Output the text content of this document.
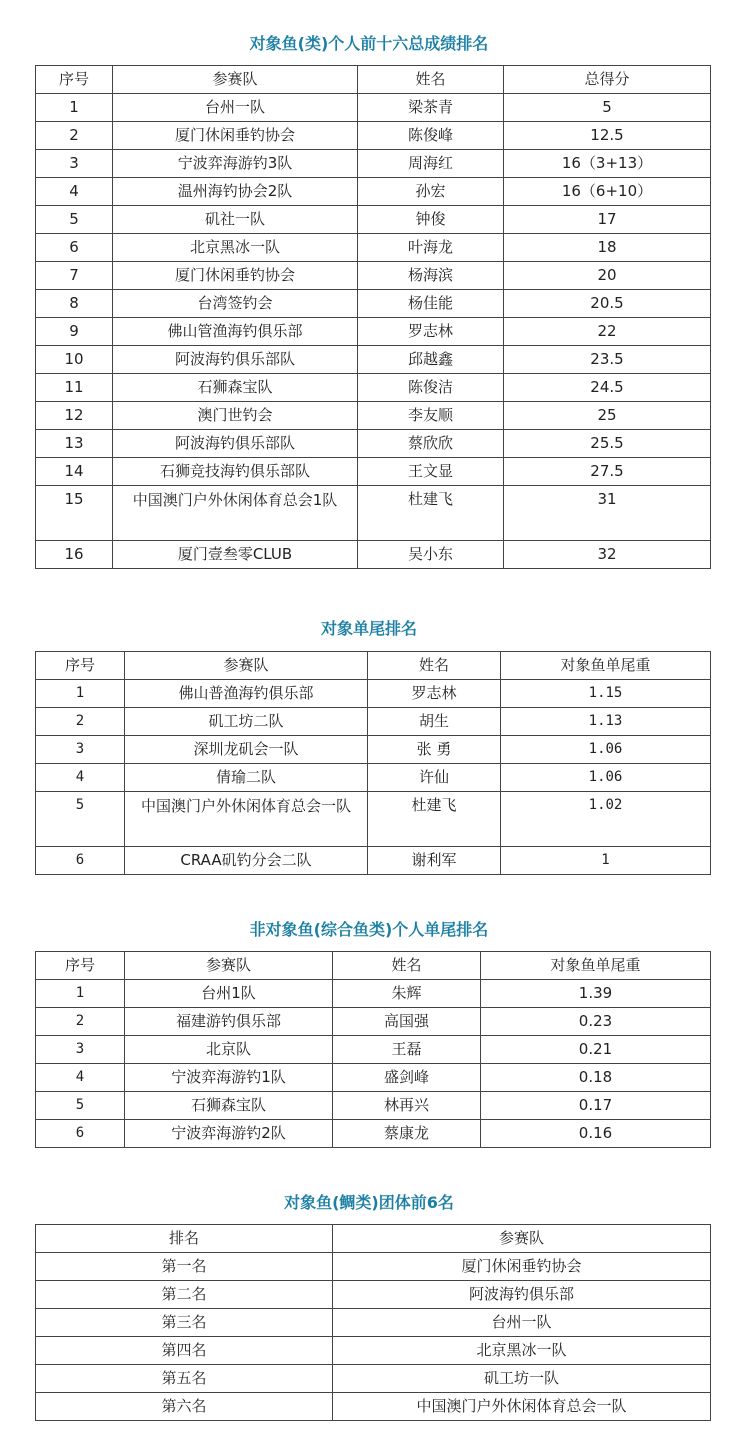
对象鱼(类)个人前十六总成绩排名
序号	参赛队	姓名	总得分
1	台州一队	梁茶青	5
2	厦门休闲垂钓协会	陈俊峰	12.5
3	宁波弈海游钓3队	周海红	16（3+13）
4	温州海钓协会2队	孙宏	16（6+10）
5	矶社一队	钟俊	17
6	北京黑冰一队	叶海龙	18
7	厦门休闲垂钓协会	杨海滨	20
8	台湾签钓会	杨佳能	20.5
9	佛山管渔海钓俱乐部	罗志林	22
10	阿波海钓俱乐部队	邱越鑫	23.5
11	石狮森宝队	陈俊洁	24.5
12	澳门世钓会	李友顺	25
13	阿波海钓俱乐部队	蔡欣欣	25.5
14	石狮竞技海钓俱乐部队	王文显	27.5
15	中国澳门户外休闲体育总会1队	杜建飞	31
16	厦门壹叁零CLUB	吴小东	32
对象单尾排名
序号	参赛队	姓名	对象鱼单尾重
1	佛山普渔海钓俱乐部	罗志林	1.15
2	矶工坊二队	胡生	1.13
3	深圳龙矶会一队	张 勇	1.06
4	倩瑜二队	许仙	1.06
5	中国澳门户外休闲体育总会一队	杜建飞	1.02
6	CRAA矶钓分会二队	谢利军	1
非对象鱼(综合鱼类)个人单尾排名
序号	参赛队	姓名	对象鱼单尾重
1	台州1队	朱辉	1.39
2	福建游钓俱乐部	高国强	0.23
3	北京队	王磊	0.21
4	宁波弈海游钓1队	盛剑峰	0.18
5	石狮森宝队	林再兴	0.17
6	宁波弈海游钓2队	蔡康龙	0.16
对象鱼(鲷类)团体前6名
排名	参赛队
第一名	厦门休闲垂钓协会
第二名	阿波海钓俱乐部
第三名	台州一队
第四名	北京黑冰一队
第五名	矶工坊一队
第六名	中国澳门户外休闲体育总会一队
